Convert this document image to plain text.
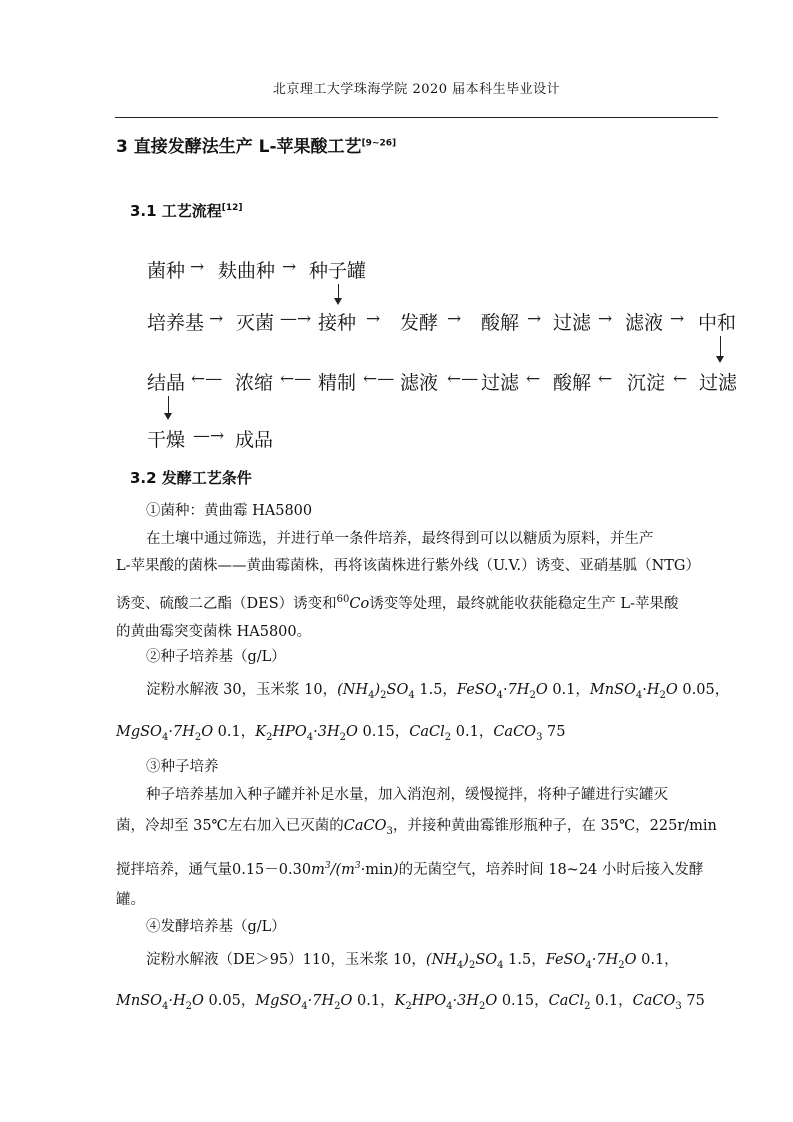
北京理工大学珠海学院 2020 届本科生毕业设计
3 直接发酵法生产 L-苹果酸工艺[9~26]
3.1 工艺流程[12]
菌种 → 麸曲种 → 种子罐
培养基 → 灭菌 —→ 接种 → 发酵 → 酸解 → 过滤 → 滤液 → 中和
结晶 ←— 浓缩 ←— 精制 ←— 滤液 ←— 过滤 ← 酸解 ← 沉淀 ← 过滤
干燥 —→ 成品
3.2 发酵工艺条件
①菌种：黄曲霉 HA5800
在土壤中通过筛选，并进行单一条件培养，最终得到可以以糖质为原料，并生产
L-苹果酸的菌株——黄曲霉菌株，再将该菌株进行紫外线（U.V.）诱变、亚硝基胍（NTG）
诱变、硫酸二乙酯（DES）诱变和$^{60}$Co诱变等处理，最终就能收获能稳定生产 L-苹果酸
的黄曲霉突变菌株 HA5800。
②种子培养基（g/L）
淀粉水解液 30，玉米浆 10，$(NH_4)_2SO_4$ 1.5，$FeSO_4\cdot 7H_2O$ 0.1，$MnSO_4\cdot H_2O$ 0.05，
$MgSO_4\cdot 7H_2O$ 0.1，$K_2HPO_4\cdot 3H_2O$ 0.15，CaCl$_2$ 0.1，CaCO$_3$ 75
③种子培养
种子培养基加入种子罐并补足水量，加入消泡剂，缓慢搅拌，将种子罐进行实罐灭
菌，冷却至 35℃左右加入已灭菌的CaCO$_3$，并接种黄曲霉锥形瓶种子，在 35℃，225r/min
搅拌培养，通气量$0.15-0.30m^3/(m^3\cdot\min)$的无菌空气，培养时间 18~24 小时后接入发酵
罐。
④发酵培养基（g/L）
淀粉水解液（DE＞95）110，玉米浆 10，$(NH_4)_2SO_4$ 1.5，$FeSO_4\cdot 7H_2O$ 0.1，
$MnSO_4\cdot H_2O$ 0.05，$MgSO_4\cdot 7H_2O$ 0.1，$K_2HPO_4\cdot 3H_2O$ 0.15，CaCl$_2$ 0.1，CaCO$_3$ 75
